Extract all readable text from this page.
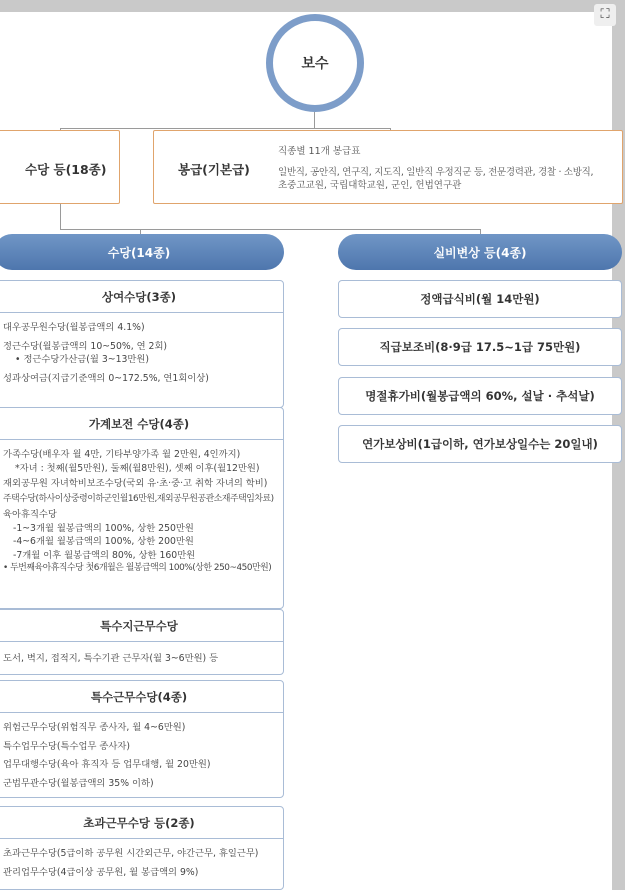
보수
수당 등(18종)	봉급(기본급)
직종별 11개 봉급표
일반직, 공안직, 연구직, 지도직, 일반직 우정직군 등, 전문경력관, 경찰 · 소방직,
초중고교원, 국립대학교원, 군인, 헌법연구관
수당(14종)	실비변상 등(4종)
상여수당(3종)
대우공무원수당(월봉급액의 4.1%)
정근수당(월봉급액의 10~50%, 연 2회)
• 정근수당가산금(월 3~13만원)
성과상여금(지급기준액의 0~172.5%, 연1회이상)
가계보전 수당(4종)
가족수당(배우자 월 4만, 기타부양가족 월 2만원, 4인까지)
*자녀 : 첫째(월5만원), 둘째(월8만원), 셋째 이후(월12만원)
재외공무원 자녀학비보조수당(국외 유·초·중·고 취학 자녀의 학비)
주택수당(하사이상중령이하군인월16만원,재외공무원공관소재주택임차료)
육아휴직수당
-1~3개월 월봉급액의 100%, 상한 250만원
-4~6개월 월봉급액의 100%, 상한 200만원
-7개월 이후 월봉급액의 80%, 상한 160만원
• 두번째육아휴직수당 첫6개월은 월봉급액의 100%(상한 250~450만원)
특수지근무수당
도서, 벽지, 접적지, 특수기관 근무자(월 3~6만원) 등
특수근무수당(4종)
위험근무수당(위험직무 종사자, 월 4~6만원)
특수업무수당(특수업무 종사자)
업무대행수당(육아 휴직자 등 업무대행, 월 20만원)
군법무관수당(월봉급액의 35% 이하)
초과근무수당 등(2종)
초과근무수당(5급이하 공무원 시간외근무, 야간근무, 휴일근무)
관리업무수당(4급이상 공무원, 월 봉급액의 9%)
정액급식비(월 14만원)
직급보조비(8·9급 17.5~1급 75만원)
명절휴가비(월봉급액의 60%, 설날 · 추석날)
연가보상비(1급이하, 연가보상일수는 20일내)
⛶
